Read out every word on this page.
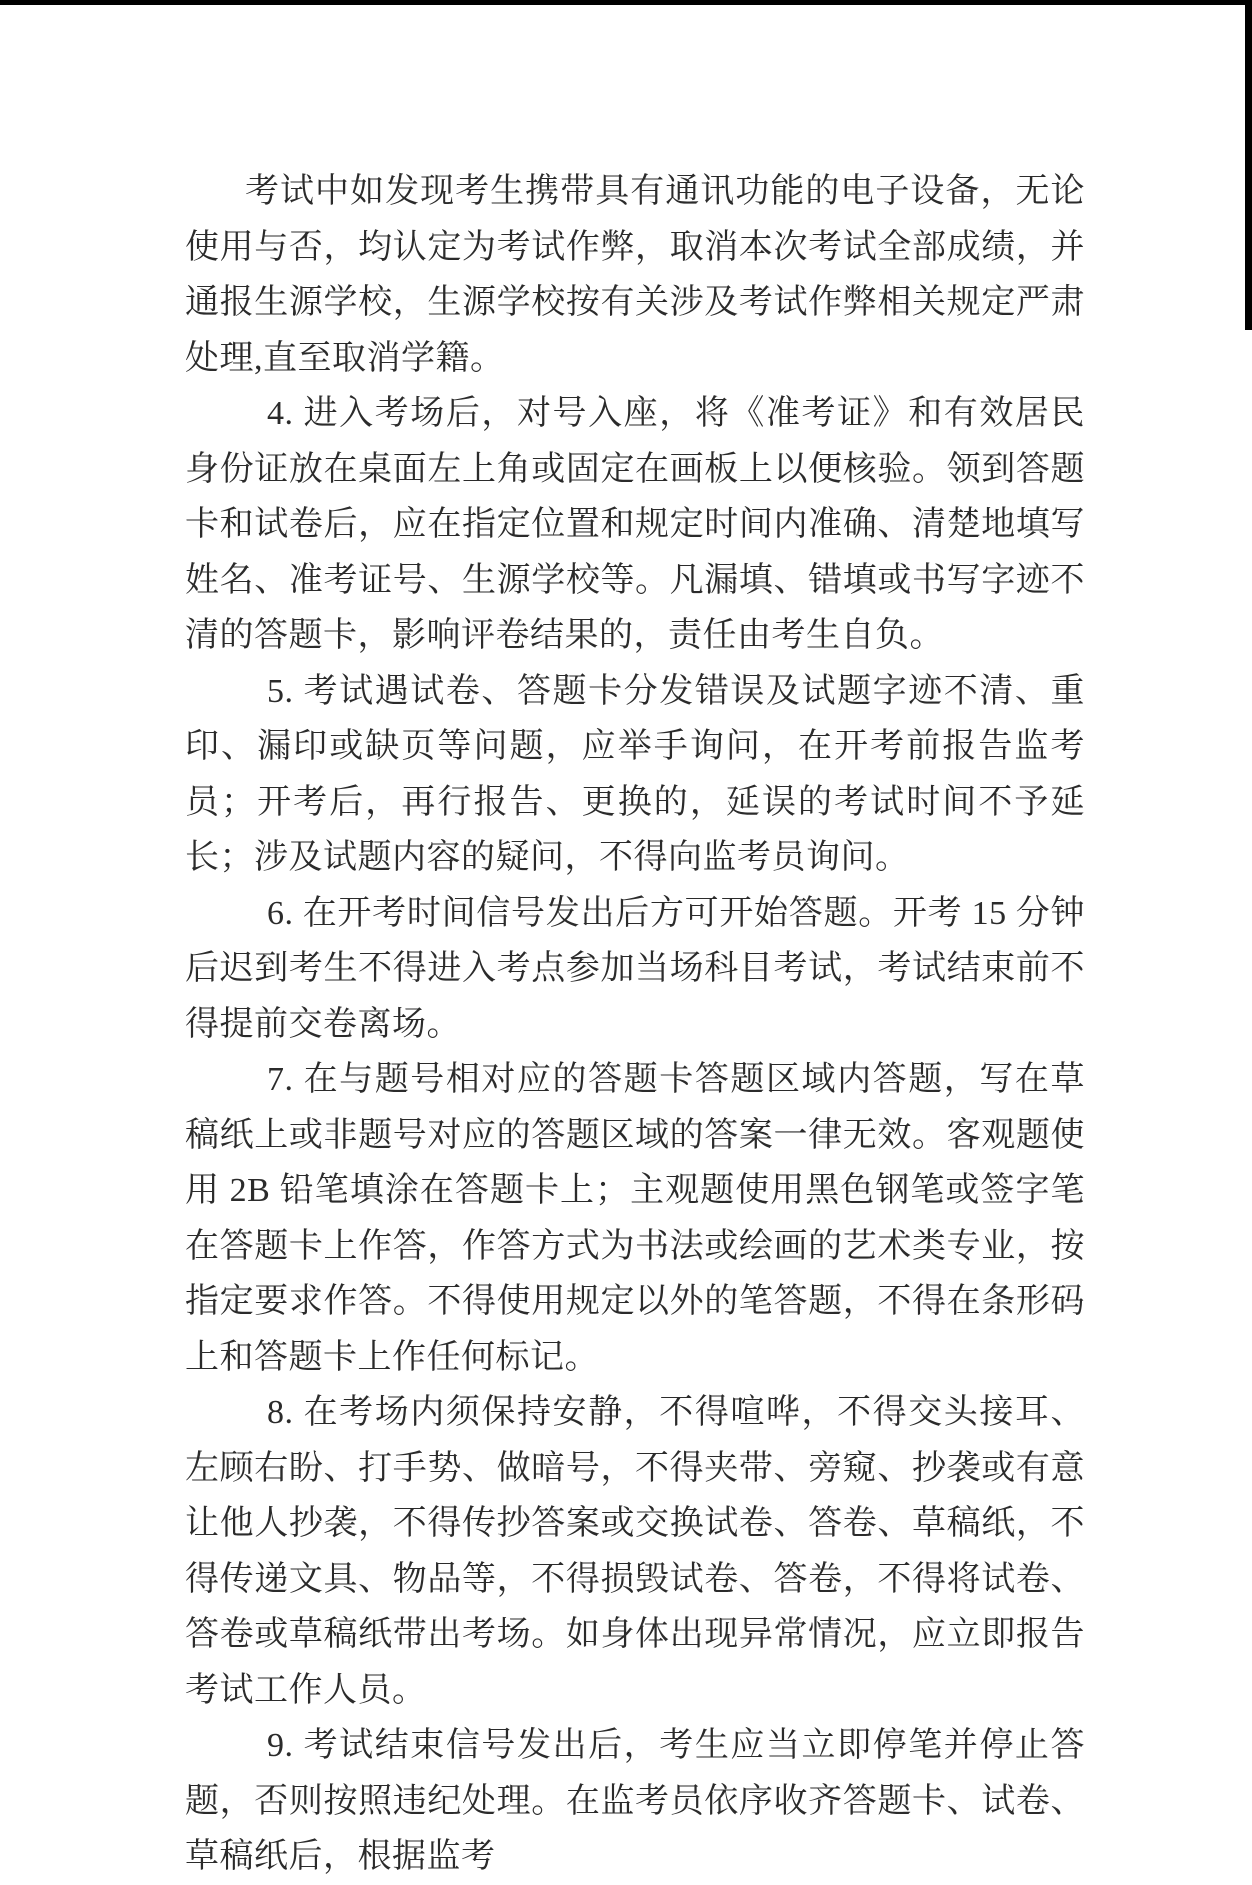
考试中如发现考生携带具有通讯功能的电子设备，无论使用与否，均认定为考试作弊，取消本次考试全部成绩，并通报生源学校，生源学校按有关涉及考试作弊相关规定严肃处理,直至取消学籍。

4. 进入考场后，对号入座，将《准考证》和有效居民身份证放在桌面左上角或固定在画板上以便核验。领到答题卡和试卷后，应在指定位置和规定时间内准确、清楚地填写姓名、准考证号、生源学校等。凡漏填、错填或书写字迹不清的答题卡，影响评卷结果的，责任由考生自负。

5. 考试遇试卷、答题卡分发错误及试题字迹不清、重印、漏印或缺页等问题，应举手询问，在开考前报告监考员；开考后，再行报告、更换的，延误的考试时间不予延长；涉及试题内容的疑问，不得向监考员询问。

6. 在开考时间信号发出后方可开始答题。开考 15 分钟后迟到考生不得进入考点参加当场科目考试，考试结束前不得提前交卷离场。

7. 在与题号相对应的答题卡答题区域内答题，写在草稿纸上或非题号对应的答题区域的答案一律无效。客观题使用 2B 铅笔填涂在答题卡上；主观题使用黑色钢笔或签字笔在答题卡上作答，作答方式为书法或绘画的艺术类专业，按指定要求作答。不得使用规定以外的笔答题，不得在条形码上和答题卡上作任何标记。

8. 在考场内须保持安静，不得喧哗，不得交头接耳、左顾右盼、打手势、做暗号，不得夹带、旁窥、抄袭或有意让他人抄袭，不得传抄答案或交换试卷、答卷、草稿纸，不得传递文具、物品等，不得损毁试卷、答卷，不得将试卷、答卷或草稿纸带出考场。如身体出现异常情况，应立即报告考试工作人员。

9. 考试结束信号发出后，考生应当立即停笔并停止答题，否则按照违纪处理。在监考员依序收齐答题卡、试卷、草稿纸后，根据监考
